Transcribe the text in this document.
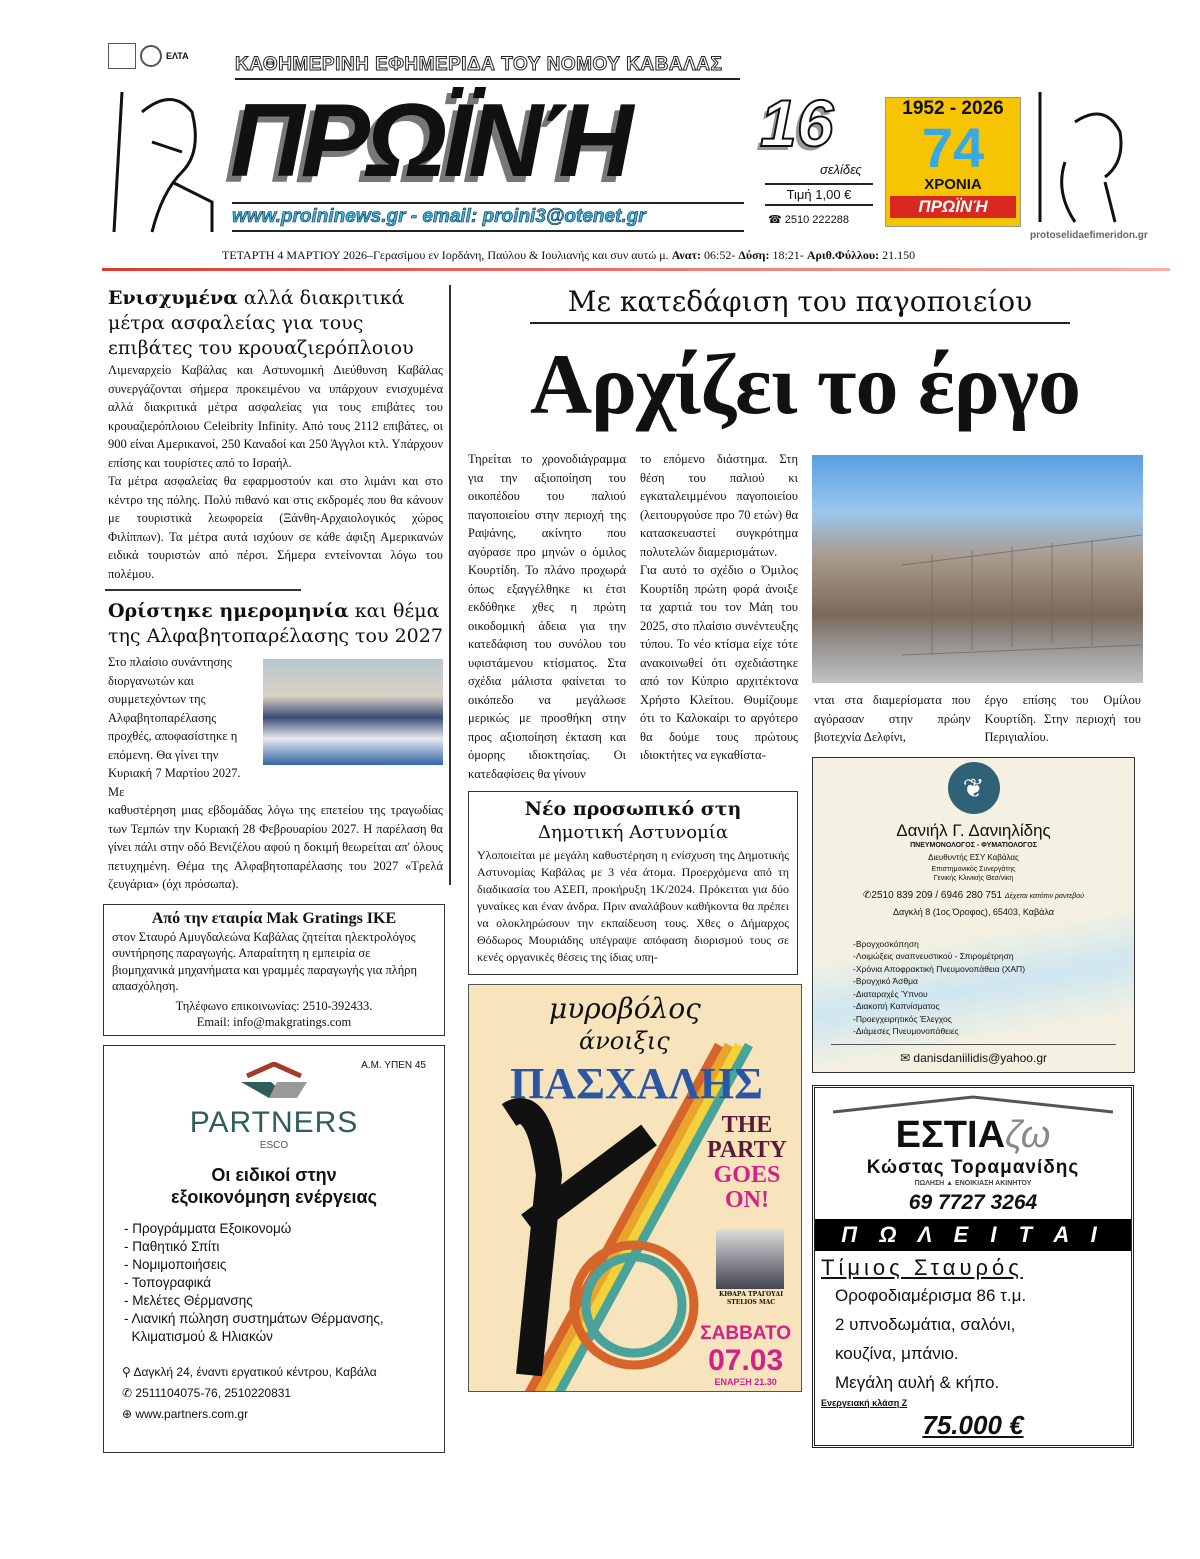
ΕΛΤΑ ΚΑΘΗΜΕΡΙΝΗ ΕΦΗΜΕΡΙΔΑ ΤΟΥ ΝΟΜΟΥ ΚΑΒΑΛΑΣ
ΠΡΩΪΝΉ
www.proininews.gr - email: proini3@otenet.gr
16
σελίδες
Τιμή 1,00 €
☎ 2510 222288
1952 - 2026
74
ΧΡΟΝΙΑ
ΠΡΩΪΝΉ
protoselidaefimeridon.gr
ΤΕΤΑΡΤΗ 4 ΜΑΡΤΙΟΥ 2026–Γερασίμου εν Ιορδάνη, Παύλου & Ιουλιανής και συν αυτώ μ. Ανατ: 06:52- Δύση: 18:21- Αριθ.Φύλλου: 21.150
Ενισχυμένα αλλά διακριτικά μέτρα ασφαλείας για τους επιβάτες του κρουαζιερόπλοιου

Λιμεναρχείο Καβάλας και Αστυνομική Διεύθυνση Καβάλας συνεργάζονται σήμερα προκειμένου να υπάρχουν ενισχυμένα αλλά διακριτικά μέτρα ασφαλείας για τους επιβάτες του κρουαζιερόπλοιου Celeibrity Infinity. Από τους 2112 επιβάτες, οι 900 είναι Αμερικανοί, 250 Καναδοί και 250 Άγγλοι κτλ. Υπάρχουν επίσης και τουρίστες από το Ισραήλ.

Τα μέτρα ασφαλείας θα εφαρμοστούν και στο λιμάνι και στο κέντρο της πόλης. Πολύ πιθανό και στις εκδρομές που θα κάνουν με τουριστικά λεωφορεία (Ξάνθη-Αρχαιολογικός χώρος Φιλίππων). Τα μέτρα αυτά ισχύουν σε κάθε άφιξη Αμερικανών ειδικά τουριστών από πέρσι. Σήμερα εντείνονται λόγω του πολέμου.

Ορίστηκε ημερομηνία και θέμα της Αλφαβητοπαρέλασης του 2027

Στο πλαίσιο συνάντησης διοργανωτών και συμμετεχόντων της Αλφαβητοπαρέλασης προχθές, αποφασίστηκε η επόμενη. Θα γίνει την Κυριακή 7 Μαρτίου 2027. Με

καθυστέρηση μιας εβδομάδας λόγω της επετείου της τραγωδίας των Τεμπών την Κυριακή 28 Φεβρουαρίου 2027. Η παρέλαση θα γίνει πάλι στην οδό Βενιζέλου αφού η δοκιμή θεωρείται απ' όλους πετυχημένη. Θέμα της Αλφαβητοπαρέλασης του 2027 «Τρελά ζευγάρια» (όχι πρόσωπα).

Από την εταιρία Mak Gratings IKE
στον Σταυρό Αμυγδαλεώνα Καβάλας ζητείται ηλεκτρολόγος συντήρησης παραγωγής. Απαραίτητη η εμπειρία σε βιομηχανικά μηχανήματα και γραμμές παραγωγής για πλήρη απασχόληση.
Τηλέφωνο επικοινωνίας: 2510-392433.
Email: info@makgratings.com
Α.Μ. ΥΠΕΝ 45
PARTNERS
ESCO
Οι ειδικοί στην
εξοικονόμηση ενέργειας
- Προγράμματα Εξοικονομώ
- Παθητικό Σπίτι
- Νομιμοποιήσεις
- Τοπογραφικά
- Μελέτες Θέρμανσης
- Λιανική πώληση συστημάτων Θέρμανσης,
Κλιματισμού & Ηλιακών
⚲ Δαγκλή 24, έναντι εργατικού κέντρου, Καβάλα
✆ 2511104075-76, 2510220831
⊕ www.partners.com.gr
Με κατεδάφιση του παγοποιείου
Αρχίζει το έργο

Τηρείται το χρονοδιάγραμμα για την αξιοποίηση του οικοπέδου του παλιού παγοποιείου στην περιοχή της Ραψάνης, ακίνητο που αγόρασε προ μηνών ο όμιλος Κουρτίδη. Το πλάνο προχωρά όπως εξαγγέλθηκε κι έτσι εκδόθηκε χθες η πρώτη οικοδομική άδεια για την κατεδάφιση του συνόλου του υφιστάμενου κτίσματος. Στα σχέδια μάλιστα φαίνεται το οικόπεδο να μεγάλωσε μερικώς με προσθήκη στην προς αξιοποίηση έκταση και όμορης ιδιοκτησίας. Οι κατεδαφίσεις θα γίνουν

το επόμενο διάστημα. Στη θέση του παλιού κι εγκαταλειμμένου παγοποιείου (λειτουργούσε προ 70 ετών) θα κατασκευαστεί συγκρότημα πολυτελών διαμερισμάτων.

Για αυτό το σχέδιο ο Όμιλος Κουρτίδη πρώτη φορά άνοιξε τα χαρτιά του τον Μάη του 2025, στο πλαίσιο συνέντευξης τύπου. Το νέο κτίσμα είχε τότε ανακοινωθεί ότι σχεδιάστηκε από τον Κύπριο αρχιτέκτονα Χρήστο Κλείτου. Θυμίζουμε ότι το Καλοκαίρι το αργότερο θα δούμε τους πρώτους ιδιοκτήτες να εγκαθίστα-

Νέο προσωπικό στη
Δημοτική Αστυνομία

Υλοποιείται με μεγάλη καθυστέρηση η ενίσχυση της Δημοτικής Αστυνομίας Καβάλας με 3 νέα άτομα. Προερχόμενα από τη διαδικασία του ΑΣΕΠ, προκήρυξη 1Κ/2024. Πρόκειται για δύο γυναίκες και έναν άνδρα. Πριν αναλάβουν καθήκοντα θα πρέπει να ολοκληρώσουν την εκπαίδευση τους. Χθες ο Δήμαρχος Θόδωρος Μουριάδης υπέγραψε απόφαση διορισμού τους σε κενές οργανικές θέσεις της ίδιας υπη-

μυροβόλος
άνοιξις
ΠΑΣΧΑΛΗΣ
THE
PARTY
GOES
ON!
ΚΙΘΑΡΑ ΤΡΑΓΟΥΔΙ
STELIOS MAC
ΣΑΒΒΑΤΟ
07.03
ΕΝΑΡΞΗ 21.30

νται στα διαμερίσματα που αγόρασαν στην πρώην βιοτεχνία Δελφίνι,

έργο επίσης του Ομίλου Κουρτίδη. Στην περιοχή του Περιγιαλίου.

❦
Δανιήλ Γ. Δανιηλίδης
ΠΝΕΥΜΟΝΟΛΟΓΟΣ - ΦΥΜΑΤΙΟΛΟΓΟΣ
Διευθυντής ΕΣΥ Καβάλας
Επιστημονικός Συνεργάτης
Γενικής Κλινικής Θεσ/νίκη
✆2510 839 209 / 6946 280 751 Δέχεται κατόπιν ραντεβού
Δαγκλή 8 (1ος Όροφος), 65403, Καβάλα
-Βρογχοσκόπηση
-Λοιμώξεις αναπνευστικού - Σπιρομέτρηση
-Χρόνια Αποφρακτική Πνευμονοπάθεια (ΧΑΠ)
-Βρογχικό Άσθμα
-Διαταραχές Ύπνου
-Διακοπή Καπνίσματος
-Προεγχειρητικός Έλεγχος
-Διάμεσες Πνευμονοπάθειες
✉ danisdaniilidis@yahoo.gr
ΕΣΤΙΑζω
Κώστας Τοραμανίδης
ΠΩΛΗΣΗ ▲ ΕΝΟΙΚΙΑΣΗ ΑΚΙΝΗΤΟΥ
69 7727 3264
Π Ω Λ Ε Ι Τ Α Ι
Τίμιος Σταυρός
Οροφοδιαμέρισμα 86 τ.μ.
2 υπνοδωμάτια, σαλόνι,
κουζίνα, μπάνιο.
Μεγάλη αυλή & κήπο.
Ενεργειακή κλάση Ζ
75.000 €
